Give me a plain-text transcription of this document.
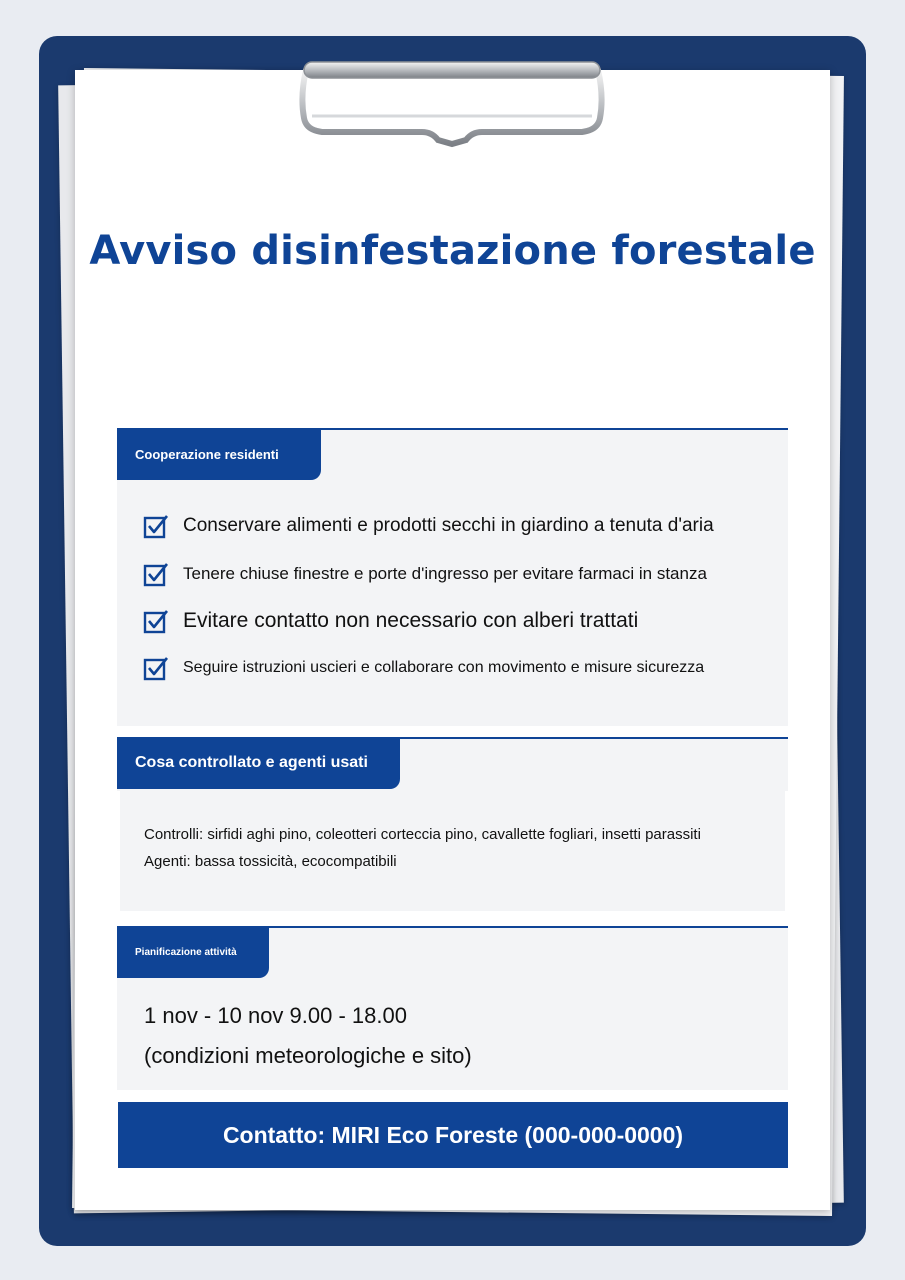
Avviso disinfestazione forestale
Cooperazione residenti
Conservare alimenti e prodotti secchi in giardino a tenuta d'aria
Tenere chiuse finestre e porte d'ingresso per evitare farmaci in stanza
Evitare contatto non necessario con alberi trattati
Seguire istruzioni uscieri e collaborare con movimento e misure sicurezza
Cosa controllato e agenti usati
Controlli: sirfidi aghi pino, coleotteri corteccia pino, cavallette fogliari, insetti parassiti
Agenti: bassa tossicità, ecocompatibili
Pianificazione attività
1 nov - 10 nov 9.00 - 18.00
(condizioni meteorologiche e sito)
Contatto: MIRI Eco Foreste (000-000-0000)
